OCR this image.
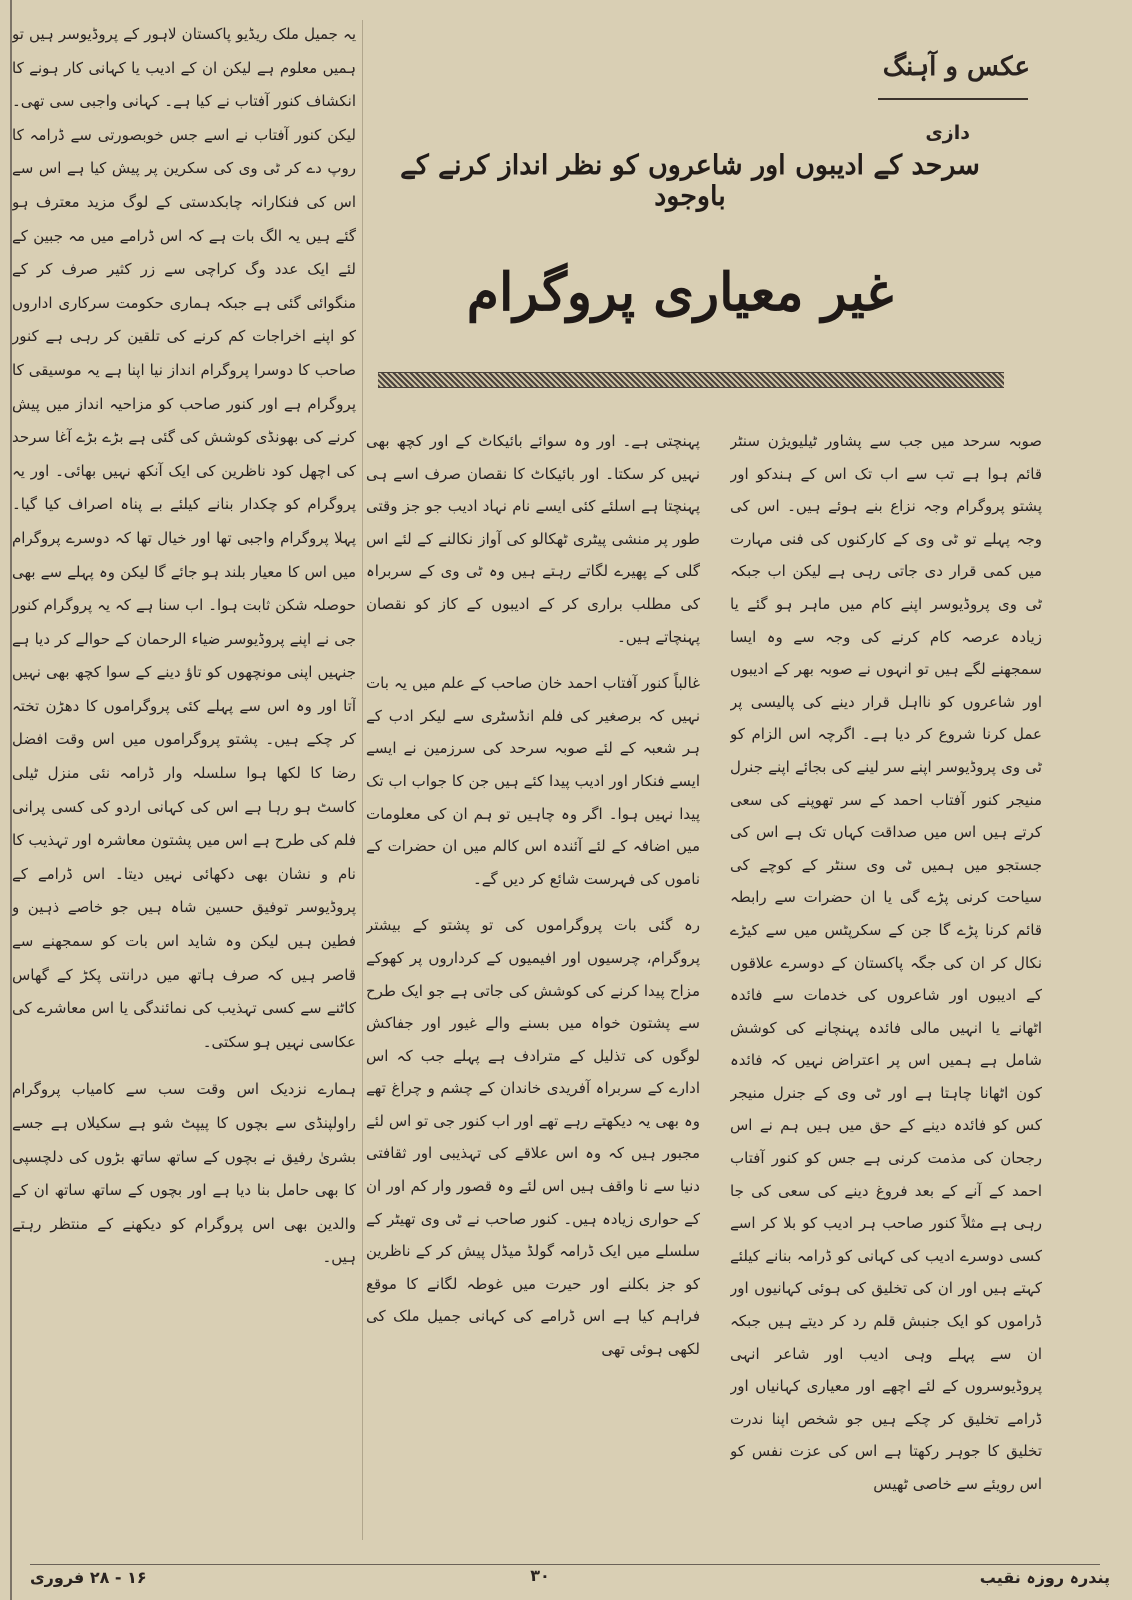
عکس و آہنگ
دازی
سرحد کے ادیبوں اور شاعروں کو نظر انداز کرنے کے باوجود
غیر معیاری پروگرام

صوبہ سرحد میں جب سے پشاور ٹیلیویژن سنٹر قائم ہوا ہے تب سے اب تک اس کے ہندکو اور پشتو پروگرام وجہ نزاع بنے ہوئے ہیں۔ اس کی وجہ پہلے تو ٹی وی کے کارکنوں کی فنی مہارت میں کمی قرار دی جاتی رہی ہے لیکن اب جبکہ ٹی وی پروڈیوسر اپنے کام میں ماہر ہو گئے یا زیادہ عرصہ کام کرنے کی وجہ سے وہ ایسا سمجھنے لگے ہیں تو انہوں نے صوبہ بھر کے ادیبوں اور شاعروں کو نااہل قرار دینے کی پالیسی پر عمل کرنا شروع کر دیا ہے۔ اگرچہ اس الزام کو ٹی وی پروڈیوسر اپنے سر لینے کی بجائے اپنے جنرل منیجر کنور آفتاب احمد کے سر تھوپنے کی سعی کرتے ہیں اس میں صداقت کہاں تک ہے اس کی جستجو میں ہمیں ٹی وی سنٹر کے کوچے کی سیاحت کرنی پڑے گی یا ان حضرات سے رابطہ قائم کرنا پڑے گا جن کے سکرپٹس میں سے کیڑے نکال کر ان کی جگہ پاکستان کے دوسرے علاقوں کے ادیبوں اور شاعروں کی خدمات سے فائدہ اٹھانے یا انہیں مالی فائدہ پہنچانے کی کوشش شامل ہے ہمیں اس پر اعتراض نہیں کہ فائدہ کون اٹھانا چاہتا ہے اور ٹی وی کے جنرل منیجر کس کو فائدہ دینے کے حق میں ہیں ہم نے اس رجحان کی مذمت کرنی ہے جس کو کنور آفتاب احمد کے آنے کے بعد فروغ دینے کی سعی کی جا رہی ہے مثلاً کنور صاحب ہر ادیب کو بلا کر اسے کسی دوسرے ادیب کی کہانی کو ڈرامہ بنانے کیلئے کہتے ہیں اور ان کی تخلیق کی ہوئی کہانیوں اور ڈراموں کو ایک جنبش قلم رد کر دیتے ہیں جبکہ ان سے پہلے وہی ادیب اور شاعر انہی پروڈیوسروں کے لئے اچھے اور معیاری کہانیاں اور ڈرامے تخلیق کر چکے ہیں جو شخص اپنا ندرت تخلیق کا جوہر رکھتا ہے اس کی عزت نفس کو اس رویئے سے خاصی ٹھیس

پہنچتی ہے۔ اور وہ سوائے بائیکاٹ کے اور کچھ بھی نہیں کر سکتا۔ اور بائیکاٹ کا نقصان صرف اسے ہی پہنچتا ہے اسلئے کئی ایسے نام نہاد ادیب جو جز وقتی طور پر منشی پیٹری ٹھکالو کی آواز نکالنے کے لئے اس گلی کے پھیرے لگاتے رہتے ہیں وہ ٹی وی کے سربراہ کی مطلب براری کر کے ادیبوں کے کاز کو نقصان پہنچاتے ہیں۔

غالباً کنور آفتاب احمد خان صاحب کے علم میں یہ بات نہیں کہ برصغیر کی فلم انڈسٹری سے لیکر ادب کے ہر شعبہ کے لئے صوبہ سرحد کی سرزمین نے ایسے ایسے فنکار اور ادیب پیدا کئے ہیں جن کا جواب اب تک پیدا نہیں ہوا۔ اگر وہ چاہیں تو ہم ان کی معلومات میں اضافہ کے لئے آئندہ اس کالم میں ان حضرات کے ناموں کی فہرست شائع کر دیں گے۔

رہ گئی بات پروگراموں کی تو پشتو کے بیشتر پروگرام، چرسیوں اور افیمیوں کے کرداروں پر کھوکے مزاح پیدا کرنے کی کوشش کی جاتی ہے جو ایک طرح سے پشتون خواہ میں بسنے والے غیور اور جفاکش لوگوں کی تذلیل کے مترادف ہے پہلے جب کہ اس ادارے کے سربراہ آفریدی خاندان کے چشم و چراغ تھے وہ بھی یہ دیکھتے رہے تھے اور اب کنور جی تو اس لئے مجبور ہیں کہ وہ اس علاقے کی تہذیبی اور ثقافتی دنیا سے نا واقف ہیں اس لئے وہ قصور وار کم اور ان کے حواری زیادہ ہیں۔ کنور صاحب نے ٹی وی تھیٹر کے سلسلے میں ایک ڈرامہ گولڈ میڈل پیش کر کے ناظرین کو جز بکلنے اور حیرت میں غوطہ لگانے کا موقع فراہم کیا ہے اس ڈرامے کی کہانی جمیل ملک کی لکھی ہوئی تھی

یہ جمیل ملک ریڈیو پاکستان لاہور کے پروڈیوسر ہیں تو ہمیں معلوم ہے لیکن ان کے ادیب یا کہانی کار ہونے کا انکشاف کنور آفتاب نے کیا ہے۔ کہانی واجبی سی تھی۔ لیکن کنور آفتاب نے اسے جس خوبصورتی سے ڈرامہ کا روپ دے کر ٹی وی کی سکرین پر پیش کیا ہے اس سے اس کی فنکارانہ چابکدستی کے لوگ مزید معترف ہو گئے ہیں یہ الگ بات ہے کہ اس ڈرامے میں مہ جبین کے لئے ایک عدد وگ کراچی سے زر کثیر صرف کر کے منگوائی گئی ہے جبکہ ہماری حکومت سرکاری اداروں کو اپنے اخراجات کم کرنے کی تلقین کر رہی ہے کنور صاحب کا دوسرا پروگرام انداز نیا اپنا ہے یہ موسیقی کا پروگرام ہے اور کنور صاحب کو مزاحیہ انداز میں پیش کرنے کی بھونڈی کوشش کی گئی ہے بڑے بڑے آغا سرحد کی اچھل کود ناظرین کی ایک آنکھ نہیں بھائی۔ اور یہ پروگرام کو چکدار بنانے کیلئے بے پناہ اصراف کیا گیا۔ پہلا پروگرام واجبی تھا اور خیال تھا کہ دوسرے پروگرام میں اس کا معیار بلند ہو جائے گا لیکن وہ پہلے سے بھی حوصلہ شکن ثابت ہوا۔ اب سنا ہے کہ یہ پروگرام کنور جی نے اپنے پروڈیوسر ضیاء الرحمان کے حوالے کر دیا ہے جنہیں اپنی مونچھوں کو تاؤ دینے کے سوا کچھ بھی نہیں آتا اور وہ اس سے پہلے کئی پروگراموں کا دھڑن تختہ کر چکے ہیں۔ پشتو پروگراموں میں اس وقت افضل رضا کا لکھا ہوا سلسلہ وار ڈرامہ نئی منزل ٹیلی کاسٹ ہو رہا ہے اس کی کہانی اردو کی کسی پرانی فلم کی طرح ہے اس میں پشتون معاشرہ اور تہذیب کا نام و نشان بھی دکھائی نہیں دیتا۔ اس ڈرامے کے پروڈیوسر توفیق حسین شاہ ہیں جو خاصے ذہین و فطین ہیں لیکن وہ شاید اس بات کو سمجھنے سے قاصر ہیں کہ صرف ہاتھ میں درانتی پکڑ کے گھاس کاٹنے سے کسی تہذیب کی نمائندگی یا اس معاشرے کی عکاسی نہیں ہو سکتی۔

ہمارے نزدیک اس وقت سب سے کامیاب پروگرام راولپنڈی سے بچوں کا پیپٹ شو ہے سکیلاں ہے جسے بشریٰ رفیق نے بچوں کے ساتھ ساتھ بڑوں کی دلچسپی کا بھی حامل بنا دیا ہے اور بچوں کے ساتھ ساتھ ان کے والدین بھی اس پروگرام کو دیکھنے کے منتظر رہتے ہیں۔

پندرہ روزہ نقیب
۳۰
۱۶ - ۲۸ فروری
